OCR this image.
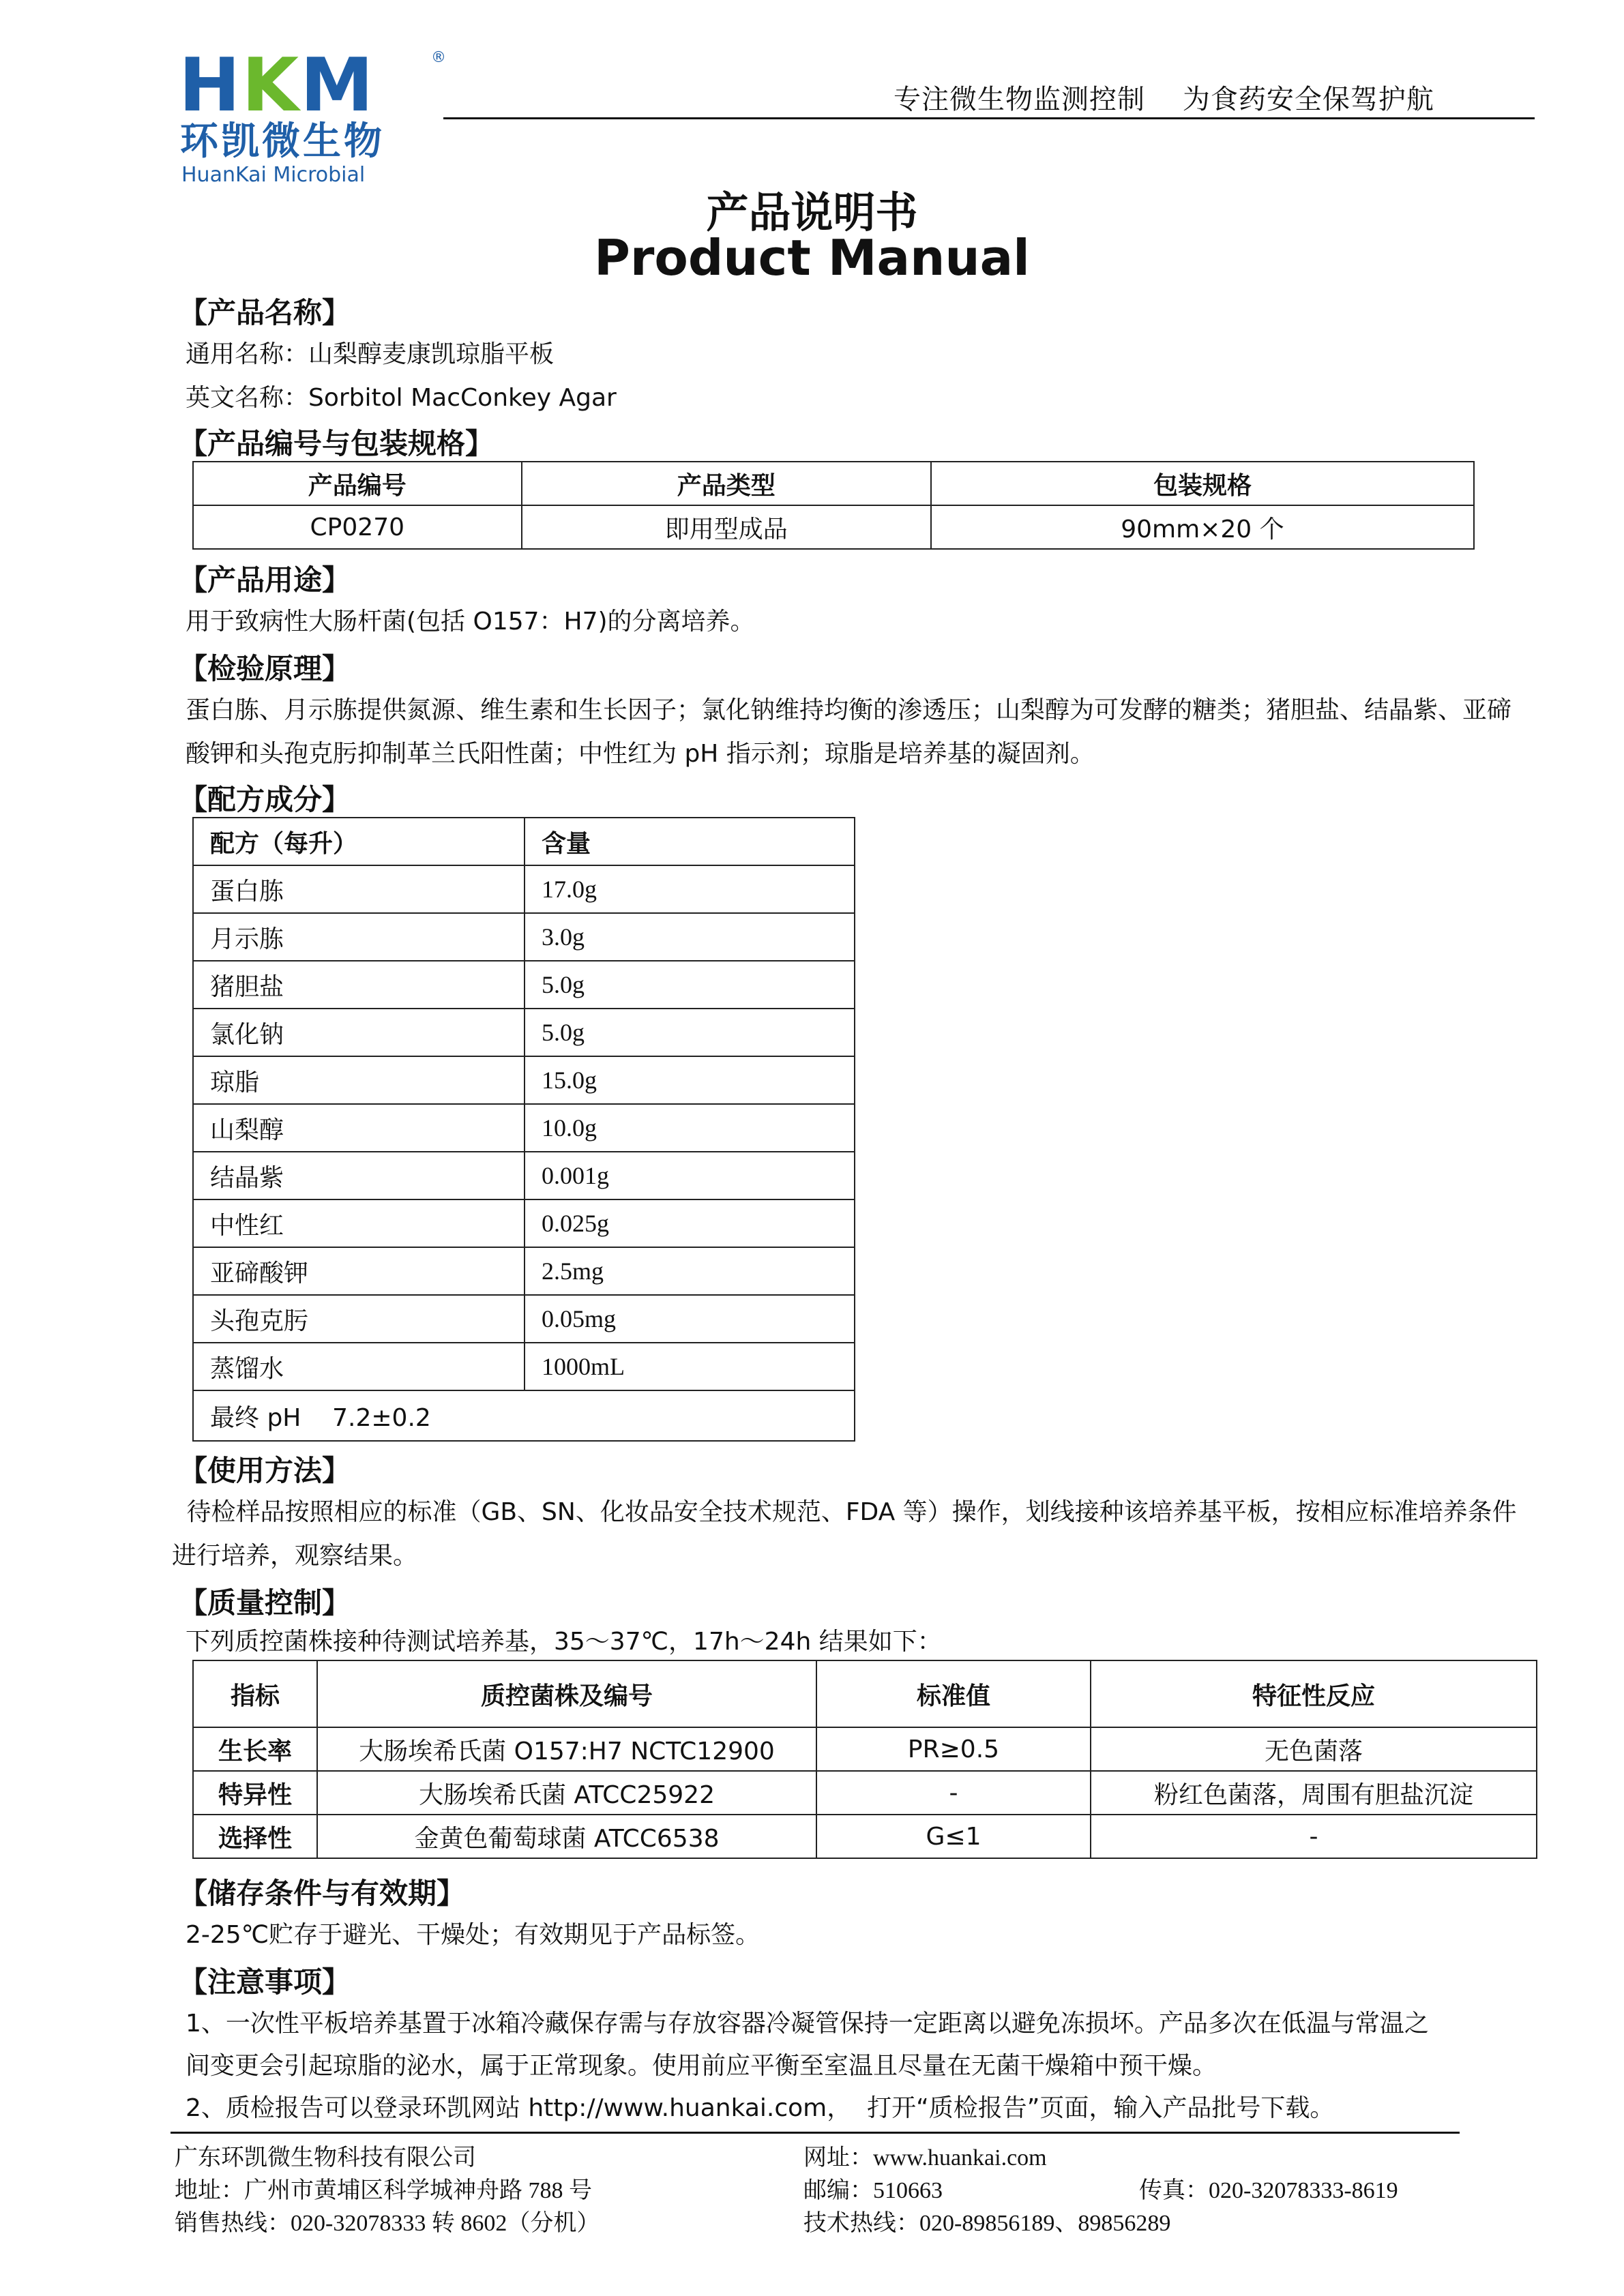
HKM	®
环凯微生物
HuanKai Microbial
专注微生物监测控制    为食药安全保驾护航
产品说明书
Product Manual
【产品名称】
通用名称：山梨醇麦康凯琼脂平板
英文名称：Sorbitol MacConkey Agar
【产品编号与包装规格】
产品编号	产品类型	包装规格
CP0270	即用型成品	90mm×20 个
【产品用途】
用于致病性大肠杆菌(包括 O157：H7)的分离培养。
【检验原理】
蛋白胨、月示胨提供氮源、维生素和生长因子；氯化钠维持均衡的渗透压；山梨醇为可发酵的糖类；猪胆盐、结晶紫、亚碲
酸钾和头孢克肟抑制革兰氏阳性菌；中性红为 pH 指示剂；琼脂是培养基的凝固剂。
【配方成分】
配方（每升）	含量
蛋白胨	17.0g
月示胨	3.0g
猪胆盐	5.0g
氯化钠	5.0g
琼脂	15.0g
山梨醇	10.0g
结晶紫	0.001g
中性红	0.025g
亚碲酸钾	2.5mg
头孢克肟	0.05mg
蒸馏水	1000mL
最终 pH    7.2±0.2	
【使用方法】
待检样品按照相应的标准（GB、SN、化妆品安全技术规范、FDA 等）操作，划线接种该培养基平板，按相应标准培养条件
进行培养，观察结果。
【质量控制】
下列质控菌株接种待测试培养基，35～37℃，17h～24h 结果如下：
指标	质控菌株及编号	标准值	特征性反应
生长率	大肠埃希氏菌 O157:H7 NCTC12900	PR≥0.5	无色菌落
特异性	大肠埃希氏菌 ATCC25922	-	粉红色菌落，周围有胆盐沉淀
选择性	金黄色葡萄球菌 ATCC6538	G≤1	-
【储存条件与有效期】
2-25℃贮存于避光、干燥处；有效期见于产品标签。
【注意事项】
1、一次性平板培养基置于冰箱冷藏保存需与存放容器冷凝管保持一定距离以避免冻损坏。产品多次在低温与常温之
间变更会引起琼脂的泌水，属于正常现象。使用前应平衡至室温且尽量在无菌干燥箱中预干燥。
2、质检报告可以登录环凯网站 http://www.huankai.com，  打开“质检报告”页面，输入产品批号下载。
广东环凯微生物科技有限公司
地址：广州市黄埔区科学城神舟路 788 号
销售热线：020-32078333 转 8602（分机）
网址：www.huankai.com
邮编：510663	传真：020-32078333-8619
技术热线：020-89856189、89856289
